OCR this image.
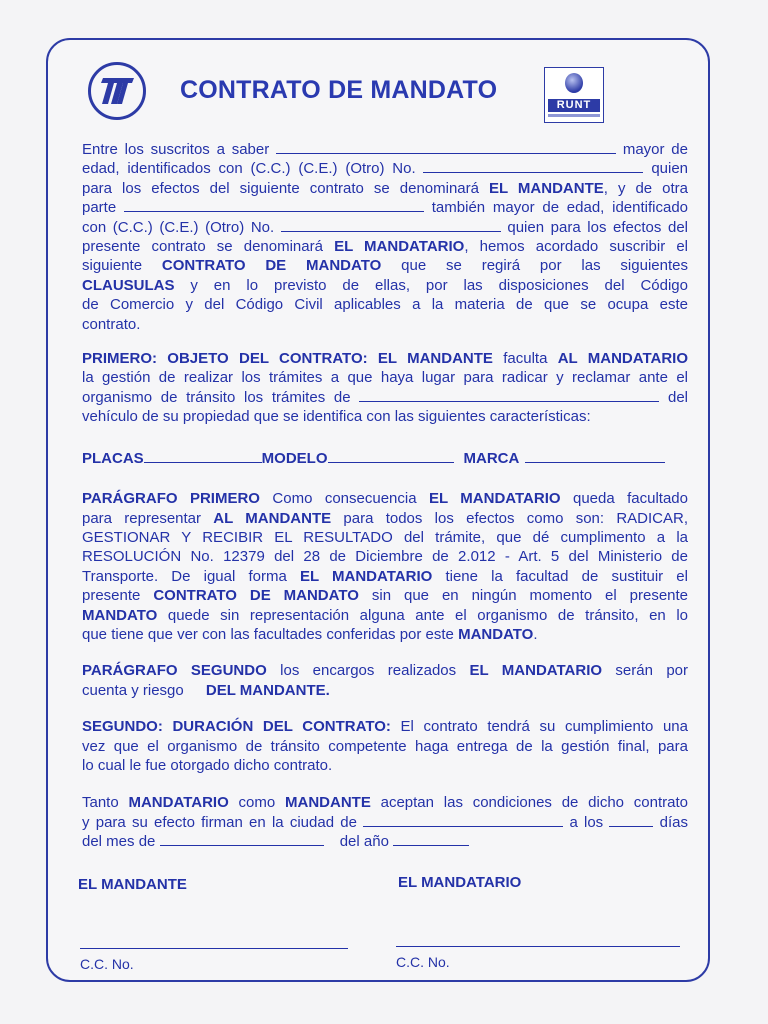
CONTRATO DE MANDATO
RUNT
Entre los suscritos a saber	mayor de
edad, identificados con (C.C.) (C.E.) (Otro) No.	quien
para los efectos del siguiente contrato se denominará EL MANDANTE, y de otra
parte	también mayor de edad, identificado
con (C.C.) (C.E.) (Otro) No.	quien para los efectos del
presente contrato se denominará EL MANDATARIO, hemos acordado suscribir el
siguiente CONTRATO DE MANDATO que se regirá por las siguientes
CLAUSULAS y en lo previsto de ellas, por las disposiciones del Código
de Comercio y del Código Civil aplicables a la materia de que se ocupa este
contrato.
PRIMERO: OBJETO DEL CONTRATO: EL MANDANTE faculta AL MANDATARIO
la gestión de realizar los trámites a que haya lugar para radicar y reclamar ante el
organismo de tránsito los trámites de	del
vehículo de su propiedad que se identifica con las siguientes características:
PLACAS	MODELO	MARCA
PARÁGRAFO PRIMERO Como consecuencia EL MANDATARIO queda facultado
para representar AL MANDANTE para todos los efectos como son: RADICAR,
GESTIONAR Y RECIBIR EL RESULTADO del trámite, que dé cumplimento a la
RESOLUCIÓN No. 12379 del 28 de Diciembre de 2.012 - Art. 5 del Ministerio de
Transporte. De igual forma EL MANDATARIO tiene la facultad de sustituir el
presente CONTRATO DE MANDATO sin que en ningún momento el presente
MANDATO quede sin representación alguna ante el organismo de tránsito, en lo
que tiene que ver con las facultades conferidas por este MANDATO.
PARÁGRAFO SEGUNDO los encargos realizados EL MANDATARIO serán por
cuenta y riesgo DEL MANDANTE.
SEGUNDO: DURACIÓN DEL CONTRATO: El contrato tendrá su cumplimiento una
vez que el organismo de tránsito competente haga entrega de la gestión final, para
lo cual le fue otorgado dicho contrato.
Tanto MANDATARIO como MANDANTE aceptan las condiciones de dicho contrato
y para su efecto firman en la ciudad de	a los	días
del mes de	del año
EL MANDANTE	EL MANDATARIO
C.C. No.	C.C. No.
